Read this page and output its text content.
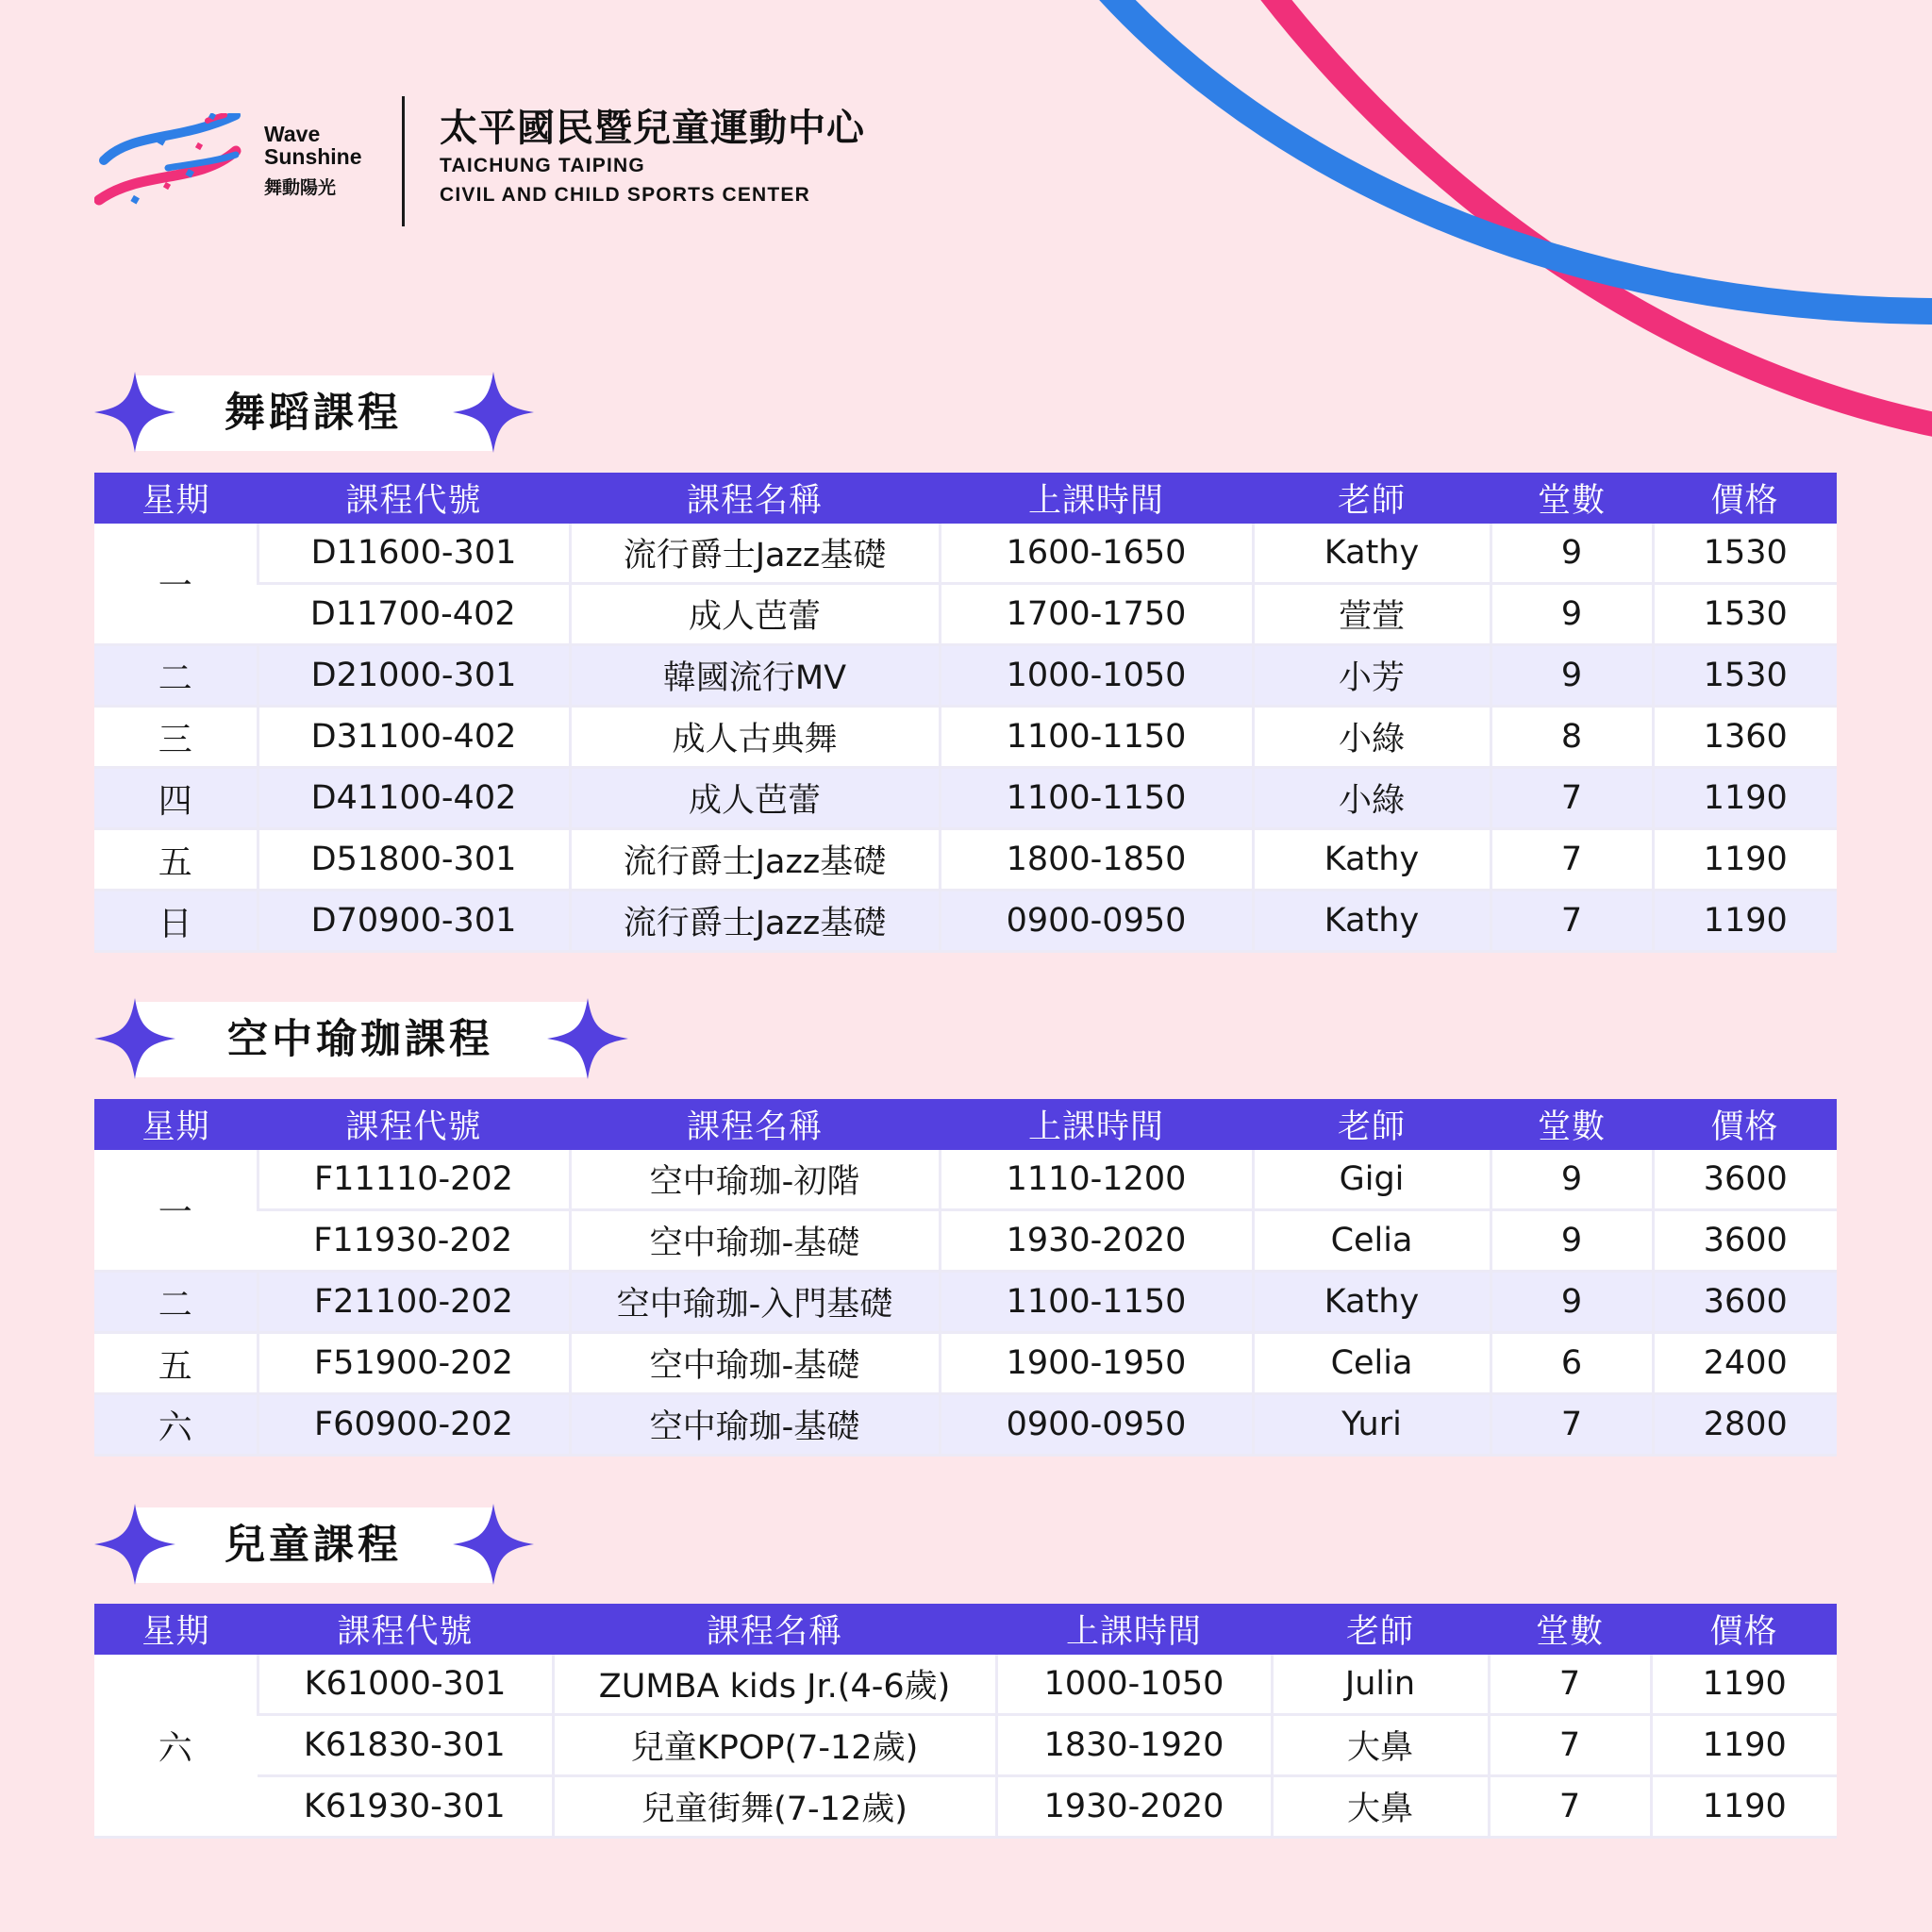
Wave
Sunshine
舞動陽光
太平國民暨兒童運動中心
TAICHUNG TAIPING
CIVIL AND CHILD SPORTS CENTER
舞蹈課程
星期	課程代號	課程名稱	上課時間	老師	堂數	價格
一	D11600-301	流行爵士Jazz基礎	1600-1650	Kathy	9	1530
	D11700-402	成人芭蕾	1700-1750	萱萱	9	1530
二	D21000-301	韓國流行MV	1000-1050	小芳	9	1530
三	D31100-402	成人古典舞	1100-1150	小綠	8	1360
四	D41100-402	成人芭蕾	1100-1150	小綠	7	1190
五	D51800-301	流行爵士Jazz基礎	1800-1850	Kathy	7	1190
日	D70900-301	流行爵士Jazz基礎	0900-0950	Kathy	7	1190
空中瑜珈課程
星期	課程代號	課程名稱	上課時間	老師	堂數	價格
一	F11110-202	空中瑜珈-初階	1110-1200	Gigi	9	3600
	F11930-202	空中瑜珈-基礎	1930-2020	Celia	9	3600
二	F21100-202	空中瑜珈-入門基礎	1100-1150	Kathy	9	3600
五	F51900-202	空中瑜珈-基礎	1900-1950	Celia	6	2400
六	F60900-202	空中瑜珈-基礎	0900-0950	Yuri	7	2800
兒童課程
星期	課程代號	課程名稱	上課時間	老師	堂數	價格
六	K61000-301	ZUMBA kids Jr.(4-6歲)	1000-1050	Julin	7	1190
	K61830-301	兒童KPOP(7-12歲)	1830-1920	大鼻	7	1190
	K61930-301	兒童街舞(7-12歲)	1930-2020	大鼻	7	1190
